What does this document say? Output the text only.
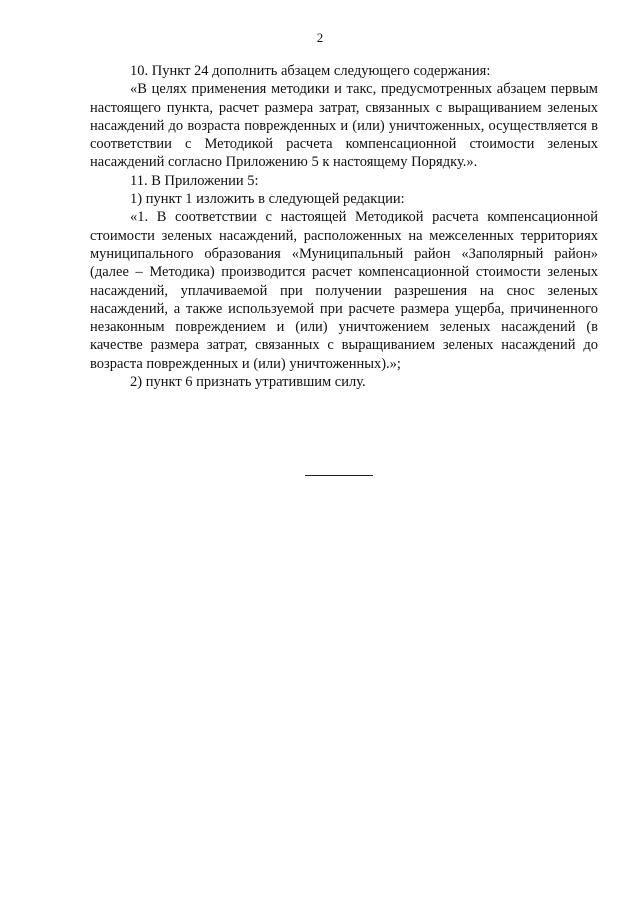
2

10. Пункт 24 дополнить абзацем следующего содержания:

«В целях применения методики и такс, предусмотренных абзацем первым настоящего пункта, расчет размера затрат, связанных с выращиванием зеленых насаждений до возраста поврежденных и (или) уничтоженных, осуществляется в соответствии с Методикой расчета компенсационной стоимости зеленых насаждений согласно Приложению 5 к настоящему Порядку.».

11. В Приложении 5:

1) пункт 1 изложить в следующей редакции:

«1. В соответствии с настоящей Методикой расчета компенсационной стоимости зеленых насаждений, расположенных на межселенных территориях муниципального образования «Муниципальный район «Заполярный район» (далее – Методика) производится расчет компенсационной стоимости зеленых насаждений, уплачиваемой при получении разрешения на снос зеленых насаждений, а также используемой при расчете размера ущерба, причиненного незаконным повреждением и (или) уничтожением зеленых насаждений (в качестве размера затрат, связанных с выращиванием зеленых насаждений до возраста поврежденных и (или) уничтоженных).»;

2) пункт 6 признать утратившим силу.
